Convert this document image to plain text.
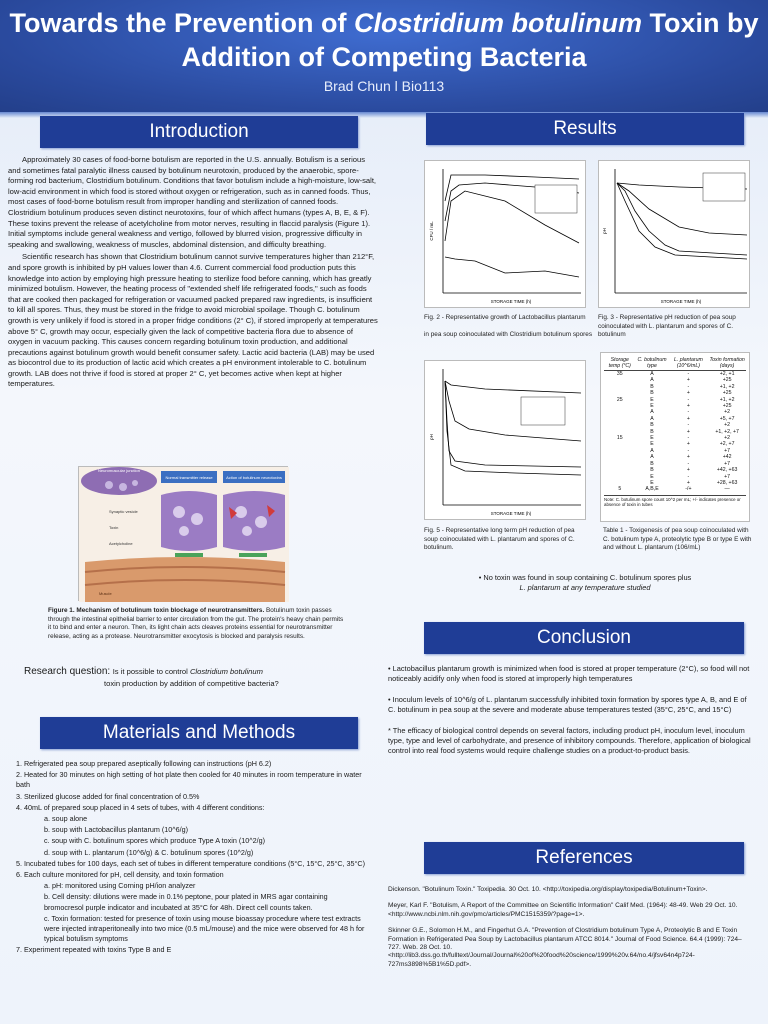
Towards the Prevention of Clostridium botulinum Toxin by
Addition of Competing Bacteria
Brad Chun l Bio113
Introduction

Approximately 30 cases of food-borne botulism are reported in the U.S. annually. Botulism is a serious and sometimes fatal paralytic illness caused by botulinum neurotoxin, produced by the anaerobic, spore-forming rod bacterium, Clostridium botulinum. Conditions that favor botulism include a high-moisture, low-salt, low-acid environment in which food is stored without oxygen or refrigeration, such as in canned foods. Thus, most cases of food-borne botulism result from improper handling and sterilization of canned foods. Clostridium botulinum produces seven distinct neurotoxins, four of which affect humans (types A, B, E, & F). These toxins prevent the release of acetylcholine from motor nerves, resulting in flaccid paralysis (Figure 1). Initial symptoms include general weakness and vertigo, followed by blurred vision, progressive difficulty in speaking and swallowing, weakness of muscles, abdominal distension, and difficulty breathing.

Scientific research has shown that Clostridium botulinum cannot survive temperatures higher than 212°F, and spore growth is inhibited by pH values lower than 4.6. Current commercial food production puts this knowledge into action by employing high pressure heating to sterilize food before canning, which has greatly minimized botulism. However, the heating process of "extended shelf life refrigerated foods," such as foods that are cooked then packaged for refrigeration or vacuumed packed prepared raw ingredients, is insufficient to kill all spores. Thus, they must be stored in the fridge to avoid microbial spoilage. Though C. botulinum growth is very unlikely if food is stored in a proper fridge conditions (2° C), if stored improperly at temperatures above 5° C, growth may occur, especially given the lack of competitive bacteria flora due to absence of oxygen in vacuum packing. This causes concern regarding botulinum toxin production, and additional precautions against botulinum growth would benefit consumer safety. Lactic acid bacteria (LAB) may be used as biocontrol due to its production of lactic acid which creates a pH environment intolerable to C. botulinum growth. LAB does not thrive if food is stored at proper 2° C, yet becomes active when kept at higher temperatures.

Neuromuscular junction
Normal transmitter release	Action of botulinum neurotoxins
Synaptic vesicle
Toxin
Acetylcholine
Muscle
Figure 1. Mechanism of botulinum toxin blockage of neurotransmitters. Botulinum toxin passes through the intestinal epithelial barrier to enter circulation from the gut. The protein's heavy chain permits it to bind and enter a neuron. Then, its light chain acts cleaves proteins essential for neurotransmitter release, acting as a protease. Neurotransmitter exocytosis is blocked and paralysis results.
Research question: Is it possible to control Clostridium botulinum
toxin production by addition of competitive bacteria?
Materials and Methods
1. Refrigerated pea soup prepared aseptically following can instructions (pH 6.2)
2. Heated for 30 minutes on high setting of hot plate then cooled for 40 minutes in room temperature in water bath
3. Sterilized glucose added for final concentration of 0.5%
4. 40mL of prepared soup placed in 4 sets of tubes, with 4 different conditions:
a. soup alone
b. soup with Lactobacillus plantarum (10^6/g)
c. soup with C. botulinum spores which produce Type A toxin (10^2/g)
d. soup with L. plantarum (10^6/g) & C. botulinum spores (10^2/g)
5. Incubated tubes for 100 days, each set of tubes in different temperature conditions (5°C, 15°C, 25°C, 35°C)
6. Each culture monitored for pH, cell density, and toxin formation
a. pH: monitored using Corning pH/ion analyzer
b. Cell density: dilutions were made in 0.1% peptone, pour plated in MRS agar containing bromocresol purple indicator and incubated at 35°C for 48h. Direct cell counts taken.
c. Toxin formation: tested for presence of toxin using mouse bioassay procedure where test extracts were injected intraperitoneally into two mice (0.5 mL/mouse) and the mice were observed for 48 h for typical botulism symptoms
7. Experiment repeated with toxins Type B and E
Results
STORAGE TIME (h)
CFU / mL
Fig. 2 - Representative growth of Lactobacillus plantarum
in pea soup coinoculated with Clostridium botulinum spores
STORAGE TIME (h)
pH
Fig. 3 - Representative pH reduction of pea soup coinoculated with L. plantarum and spores of C. botulinum
STORAGE TIME (h)
pH
Fig. 5 - Representative long term pH reduction of pea soup coinoculated with L. plantarum and spores of C. botulinum.
Storage temp (°C)	C. botulinum type	L. plantarum (10^6/mL)	Toxin formation (days)
35	A	-	+2, +1
	A	+	+25
	B	-	+1, +2
	B	+	+25
25	E	-	+1, +2
	E	+	+25
	A	-	+2
	A	+	+5, +7
	B	-	+2
	B	+	+1, +2, +7
15	E	-	+2
	E	+	+2, +7
	A	-	+7
	A	+	+42
	B	-	+7
	B	+	+42, +63
	E	-	+7
	E	+	+28, +63
5	A,B,E	-/+	—
Note: C. botulinum spore count 10^2 per mL; +/- indicates presence or absence of toxin in tubes
Table 1 - Toxigenesis of pea soup coinoculated with C. botulinum type A, proteolytic type B or type E with and without L. plantarum (106/mL)
• No toxin was found in soup containing C. botulinum spores plus
L. plantarum at any temperature studied
Conclusion

• Lactobacillus plantarum growth is minimized when food is stored at proper temperature (2°C), so food will not noticeably acidify only when food is stored at improperly high temperatures

• Inoculum levels of 10^6/g of L. plantarum successfully inhibited toxin formation by spores type A, B, and E of C. botulinum in pea soup at the severe and moderate abuse temperatures tested (35°C, 25°C, and 15°C)

* The efficacy of biological control depends on several factors, including product pH, inoculum level, inoculum type, type and level of carbohydrate, and presence of inhibitory compounds. Therefore, application of biological control into real food systems would require challenge studies on a product-to-product basis.

References

Dickenson. "Botulinum Toxin." Toxipedia. 30 Oct. 10. <http://toxipedia.org/display/toxipedia/Botulinum+Toxin>.

Meyer, Karl F. "Botulism, A Report of the Committee on Scientific Information" Calif Med. (1964): 48-49. Web 29 Oct. 10. <http://www.ncbi.nlm.nih.gov/pmc/articles/PMC1515359/?page=1>.

Skinner G.E., Solomon H.M., and Fingerhut G.A. "Prevention of Clostridium botulinum Type A, Proteolytic B and E Toxin Formation in Refrigerated Pea Soup by Lactobacillus plantarum ATCC 8014." Journal of Food Science. 64.4 (1999): 724–727. Web. 28 Oct. 10. <http://lib3.dss.go.th/fulltext/Journal/Journal%20of%20food%20science/1999%20v.64/no.4/jfsv64n4p724-727ms3898%5B1%5D.pdf>.
